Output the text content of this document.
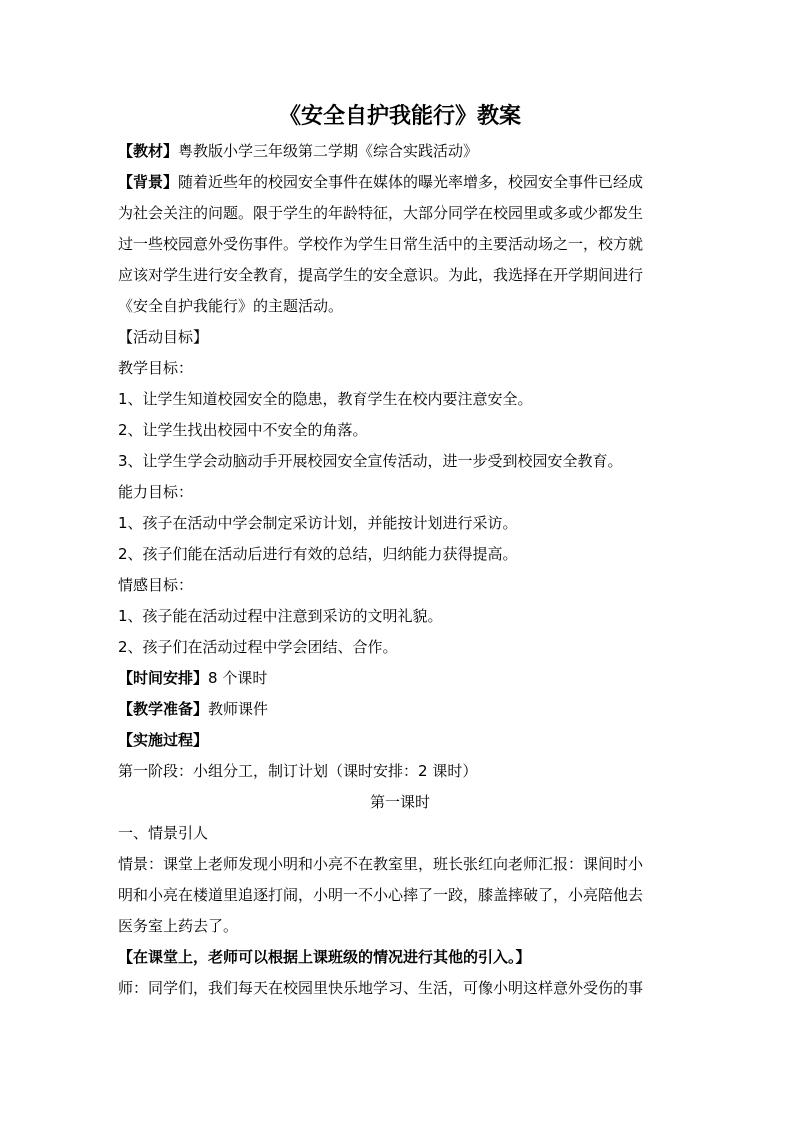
《安全自护我能行》教案
【教材】粤教版小学三年级第二学期《综合实践活动》
【背景】随着近些年的校园安全事件在媒体的曝光率增多，校园安全事件已经成
为社会关注的问题。限于学生的年龄特征，大部分同学在校园里或多或少都发生
过一些校园意外受伤事件。学校作为学生日常生活中的主要活动场之一，校方就
应该对学生进行安全教育，提高学生的安全意识。为此，我选择在开学期间进行
《安全自护我能行》的主题活动。
【活动目标】
教学目标：
1、让学生知道校园安全的隐患，教育学生在校内要注意安全。
2、让学生找出校园中不安全的角落。
3、让学生学会动脑动手开展校园安全宣传活动，进一步受到校园安全教育。
能力目标：
1、孩子在活动中学会制定采访计划，并能按计划进行采访。
2、孩子们能在活动后进行有效的总结，归纳能力获得提高。
情感目标：
1、孩子能在活动过程中注意到采访的文明礼貌。
2、孩子们在活动过程中学会团结、合作。
【时间安排】8 个课时
【教学准备】教师课件
【实施过程】
第一阶段：小组分工，制订计划（课时安排：2 课时）
第一课时
一、情景引人
情景：课堂上老师发现小明和小亮不在教室里，班长张红向老师汇报：课间时小
明和小亮在楼道里追逐打闹，小明一不小心摔了一跤，膝盖摔破了，小亮陪他去
医务室上药去了。
【在课堂上，老师可以根据上课班级的情况进行其他的引入。】
师：同学们，我们每天在校园里快乐地学习、生活，可像小明这样意外受伤的事
